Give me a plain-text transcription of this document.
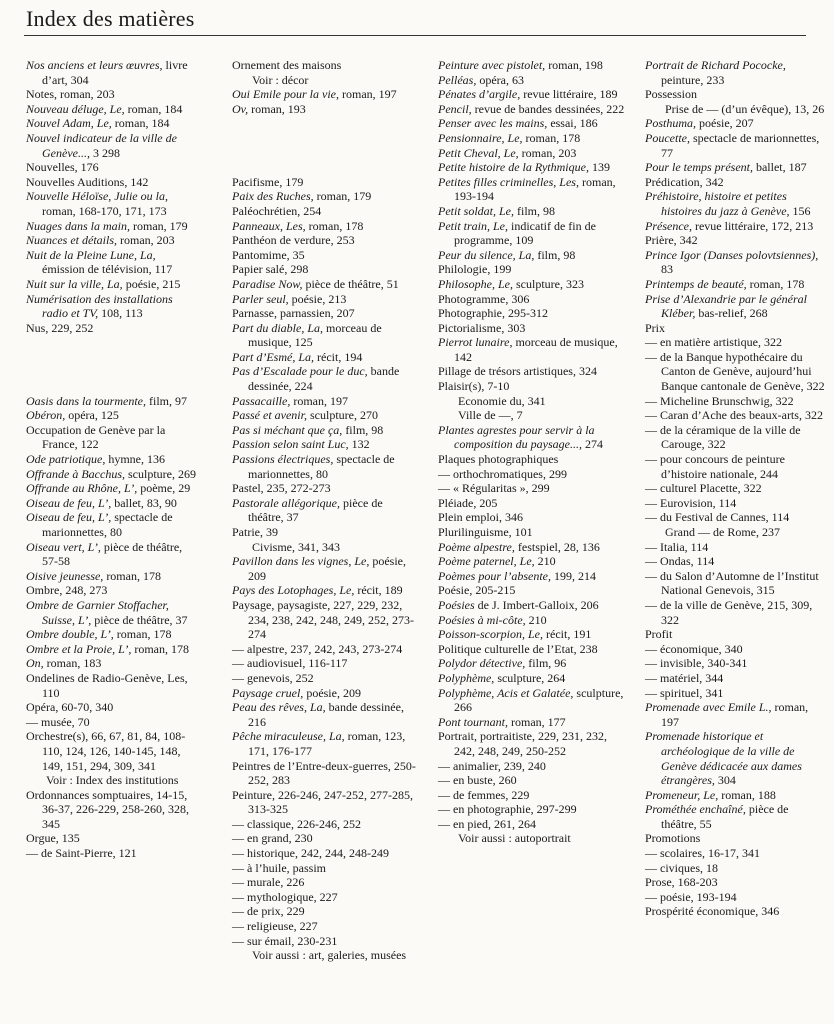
Index des matières
Nos anciens et leurs œuvres, livre d’art, 304
Notes, roman, 203
Nouveau déluge, Le, roman, 184
Nouvel Adam, Le, roman, 184
Nouvel indicateur de la ville de Genève..., 3 298
Nouvelles, 176
Nouvelles Auditions, 142
Nouvelle Héloïse, Julie ou la, roman, 168-170, 171, 173
Nuages dans la main, roman, 179
Nuances et détails, roman, 203
Nuit de la Pleine Lune, La, émission de télévision, 117
Nuit sur la ville, La, poésie, 215
Numérisation des installations radio et TV, 108, 113
Nus, 229, 252
Oasis dans la tourmente, film, 97
Obéron, opéra, 125
Occupation de Genève par la France, 122
Ode patriotique, hymne, 136
Offrande à Bacchus, sculpture, 269
Offrande au Rhône, L’, poème, 29
Oiseau de feu, L’, ballet, 83, 90
Oiseau de feu, L’, spectacle de marionnettes, 80
Oiseau vert, L’, pièce de théâtre, 57-58
Oisive jeunesse, roman, 178
Ombre, 248, 273
Ombre de Garnier Stoffacher, Suisse, L’, pièce de théâtre, 37
Ombre double, L’, roman, 178
Ombre et la Proie, L’, roman, 178
On, roman, 183
Ondelines de Radio-Genève, Les, 110
Opéra, 60-70, 340
— musée, 70
Orchestre(s), 66, 67, 81, 84, 108-110, 124, 126, 140-145, 148, 149, 151, 294, 309, 341
Voir : Index des institutions
Ordonnances somptuaires, 14-15, 36-37, 226-229, 258-260, 328, 345
Orgue, 135
— de Saint-Pierre, 121
Ornement des maisons
Voir : décor
Oui Emile pour la vie, roman, 197
Ov, roman, 193
Pacifisme, 179
Paix des Ruches, roman, 179
Paléochrétien, 254
Panneaux, Les, roman, 178
Panthéon de verdure, 253
Pantomime, 35
Papier salé, 298
Paradise Now, pièce de théâtre, 51
Parler seul, poésie, 213
Parnasse, parnassien, 207
Part du diable, La, morceau de musique, 125
Part d’Esmé, La, récit, 194
Pas d’Escalade pour le duc, bande dessinée, 224
Passacaille, roman, 197
Passé et avenir, sculpture, 270
Pas si méchant que ça, film, 98
Passion selon saint Luc, 132
Passions électriques, spectacle de marionnettes, 80
Pastel, 235, 272-273
Pastorale allégorique, pièce de théâtre, 37
Patrie, 39
Civisme, 341, 343
Pavillon dans les vignes, Le, poésie, 209
Pays des Lotophages, Le, récit, 189
Paysage, paysagiste, 227, 229, 232, 234, 238, 242, 248, 249, 252, 273-274
— alpestre, 237, 242, 243, 273-274
— audiovisuel, 116-117
— genevois, 252
Paysage cruel, poésie, 209
Peau des rêves, La, bande dessinée, 216
Pêche miraculeuse, La, roman, 123, 171, 176-177
Peintres de l’Entre-deux-guerres, 250-252, 283
Peinture, 226-246, 247-252, 277-285, 313-325
— classique, 226-246, 252
— en grand, 230
— historique, 242, 244, 248-249
— à l’huile, passim
— murale, 226
— mythologique, 227
— de prix, 229
— religieuse, 227
— sur émail, 230-231
Voir aussi : art, galeries, musées
Peinture avec pistolet, roman, 198
Pelléas, opéra, 63
Pénates d’argile, revue littéraire, 189
Pencil, revue de bandes dessinées, 222
Penser avec les mains, essai, 186
Pensionnaire, Le, roman, 178
Petit Cheval, Le, roman, 203
Petite histoire de la Rythmique, 139
Petites filles criminelles, Les, roman, 193-194
Petit soldat, Le, film, 98
Petit train, Le, indicatif de fin de programme, 109
Peur du silence, La, film, 98
Philologie, 199
Philosophe, Le, sculpture, 323
Photogramme, 306
Photographie, 295-312
Pictorialisme, 303
Pierrot lunaire, morceau de musique, 142
Pillage de trésors artistiques, 324
Plaisir(s), 7-10
Economie du, 341
Ville de —, 7
Plantes agrestes pour servir à la composition du paysage..., 274
Plaques photographiques
— orthochromatiques, 299
— « Régularitas », 299
Pléiade, 205
Plein emploi, 346
Plurilinguisme, 101
Poème alpestre, festspiel, 28, 136
Poème paternel, Le, 210
Poèmes pour l’absente, 199, 214
Poésie, 205-215
Poésies de J. Imbert-Galloix, 206
Poésies à mi-côte, 210
Poisson-scorpion, Le, récit, 191
Politique culturelle de l’Etat, 238
Polydor détective, film, 96
Polyphème, sculpture, 264
Polyphème, Acis et Galatée, sculpture, 266
Pont tournant, roman, 177
Portrait, portraitiste, 229, 231, 232, 242, 248, 249, 250-252
— animalier, 239, 240
— en buste, 260
— de femmes, 229
— en photographie, 297-299
— en pied, 261, 264
Voir aussi : autoportrait
Portrait de Richard Pococke, peinture, 233
Possession
Prise de — (d’un évêque), 13, 26
Posthuma, poésie, 207
Poucette, spectacle de marionnettes, 77
Pour le temps présent, ballet, 187
Prédication, 342
Préhistoire, histoire et petites histoires du jazz à Genève, 156
Présence, revue littéraire, 172, 213
Prière, 342
Prince Igor (Danses polovtsiennes), 83
Printemps de beauté, roman, 178
Prise d’Alexandrie par le général Kléber, bas-relief, 268
Prix
— en matière artistique, 322
— de la Banque hypothécaire du Canton de Genève, aujourd’hui Banque cantonale de Genève, 322
— Micheline Brunschwig, 322
— Caran d’Ache des beaux-arts, 322
— de la céramique de la ville de Carouge, 322
— pour concours de peinture d’histoire nationale, 244
— culturel Placette, 322
— Eurovision, 114
— du Festival de Cannes, 114
Grand — de Rome, 237
— Italia, 114
— Ondas, 114
— du Salon d’Automne de l’Institut National Genevois, 315
— de la ville de Genève, 215, 309, 322
Profit
— économique, 340
— invisible, 340-341
— matériel, 344
— spirituel, 341
Promenade avec Emile L., roman, 197
Promenade historique et archéologique de la ville de Genève dédicacée aux dames étrangères, 304
Promeneur, Le, roman, 188
Prométhée enchaîné, pièce de théâtre, 55
Promotions
— scolaires, 16-17, 341
— civiques, 18
Prose, 168-203
— poésie, 193-194
Prospérité économique, 346
